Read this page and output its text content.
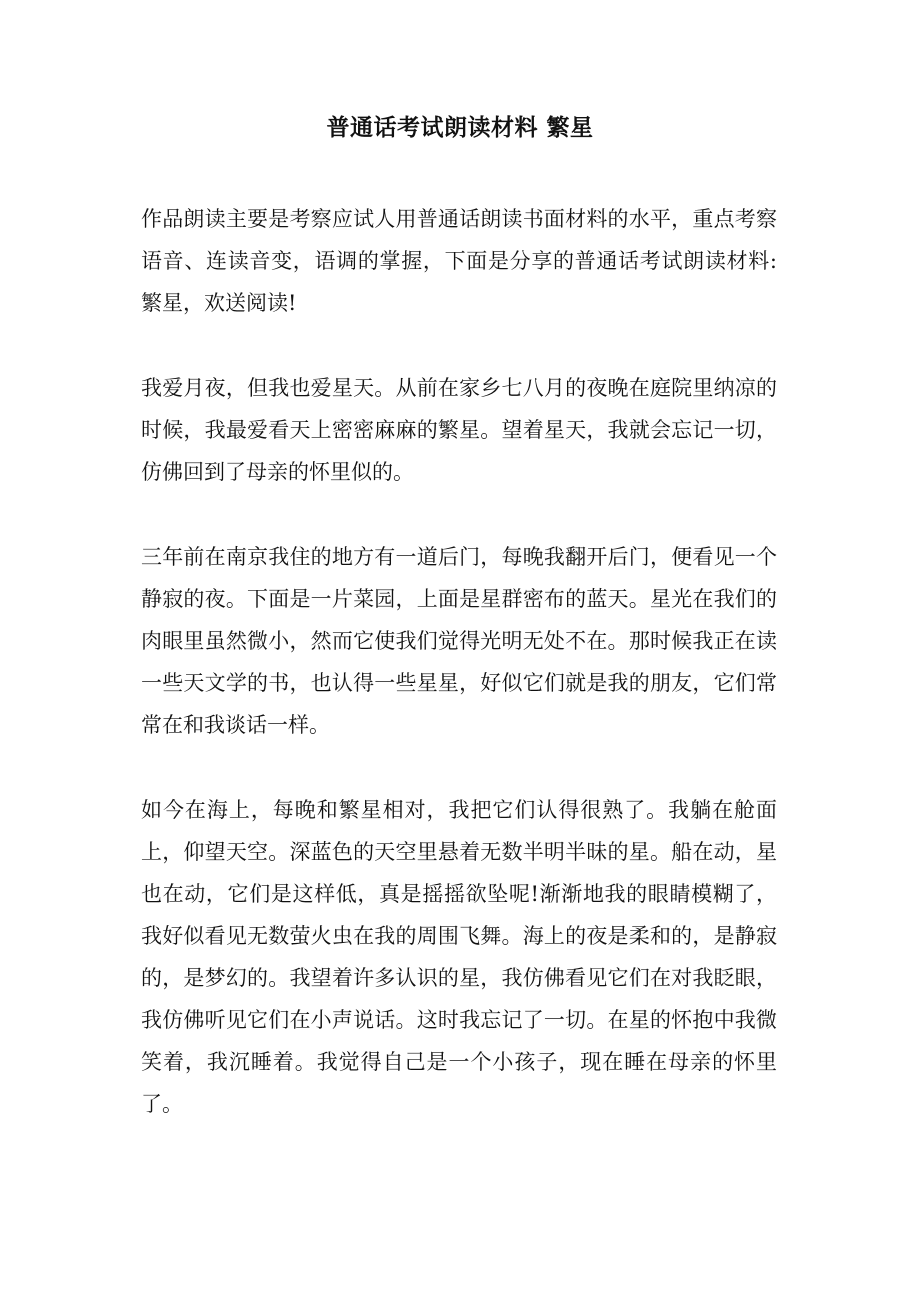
普通话考试朗读材料 繁星

作品朗读主要是考察应试人用普通话朗读书面材料的水平，重点考察语音、连读音变，语调的掌握，下面是分享的普通话考试朗读材料:繁星，欢送阅读!

我爱月夜，但我也爱星天。从前在家乡七八月的夜晚在庭院里纳凉的时候，我最爱看天上密密麻麻的繁星。望着星天，我就会忘记一切，仿佛回到了母亲的怀里似的。

三年前在南京我住的地方有一道后门，每晚我翻开后门，便看见一个静寂的夜。下面是一片菜园，上面是星群密布的蓝天。星光在我们的肉眼里虽然微小，然而它使我们觉得光明无处不在。那时候我正在读一些天文学的书，也认得一些星星，好似它们就是我的朋友，它们常常在和我谈话一样。

如今在海上，每晚和繁星相对，我把它们认得很熟了。我躺在舱面上，仰望天空。深蓝色的天空里悬着无数半明半昧的星。船在动，星也在动，它们是这样低，真是摇摇欲坠呢!渐渐地我的眼睛模糊了，我好似看见无数萤火虫在我的周围飞舞。海上的夜是柔和的，是静寂的，是梦幻的。我望着许多认识的星，我仿佛看见它们在对我眨眼，我仿佛听见它们在小声说话。这时我忘记了一切。在星的怀抱中我微笑着，我沉睡着。我觉得自己是一个小孩子，现在睡在母亲的怀里了。
